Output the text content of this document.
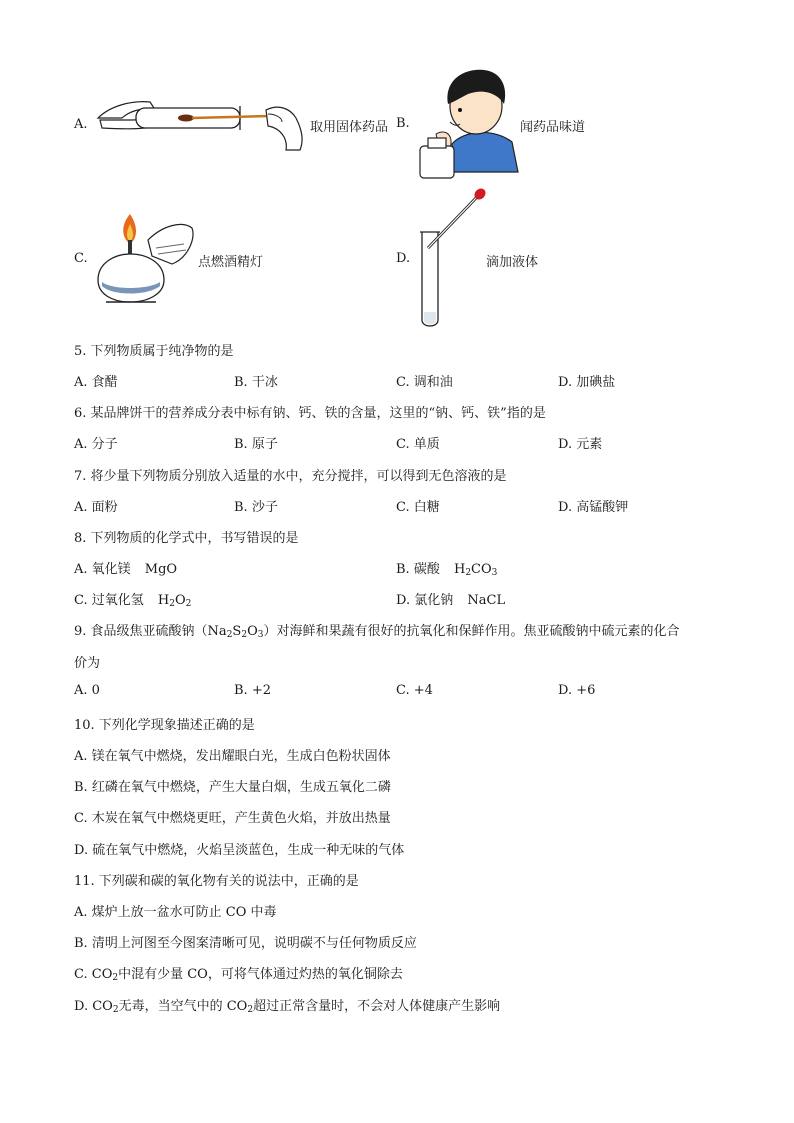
A.	取用固体药品 B.	闻药品味道
C.	点燃酒精灯	D.	滴加液体
5. 下列物质属于纯净物的是
A. 食醋	B. 干冰	C. 调和油	D. 加碘盐
6. 某品牌饼干的营养成分表中标有钠、钙、铁的含量，这里的“钠、钙、铁”指的是
A. 分子	B. 原子	C. 单质	D. 元素
7. 将少量下列物质分别放入适量的水中，充分搅拌，可以得到无色溶液的是
A. 面粉	B. 沙子	C. 白糖	D. 高锰酸钾
8. 下列物质的化学式中，书写错误的是
A. 氧化镁 MgO	B. 碳酸 $H_2CO_3$
C. 过氧化氢 $H_2O_2$	D. 氯化钠 NaCL
9. 食品级焦亚硫酸钠$(Na_2S_2O_3)$对海鲜和果蔬有很好的抗氧化和保鲜作用。焦亚硫酸钠中硫元素的化合
价为
A. 0	B. +2	C. +4	D. +6
10. 下列化学现象描述正确的是
A. 镁在氧气中燃烧，发出耀眼白光，生成白色粉状固体
B. 红磷在氧气中燃烧，产生大量白烟，生成五氧化二磷
C. 木炭在氧气中燃烧更旺，产生黄色火焰，并放出热量
D. 硫在氧气中燃烧，火焰呈淡蓝色，生成一种无味的气体
11. 下列碳和碳的氧化物有关的说法中，正确的是
A. 煤炉上放一盆水可防止 CO 中毒
B. 清明上河图至今图案清晰可见，说明碳不与任何物质反应
C. $CO_2$中混有少量 CO，可将气体通过灼热的氧化铜除去
D. $CO_2$无毒，当空气中的 $CO_2$超过正常含量时，不会对人体健康产生影响
